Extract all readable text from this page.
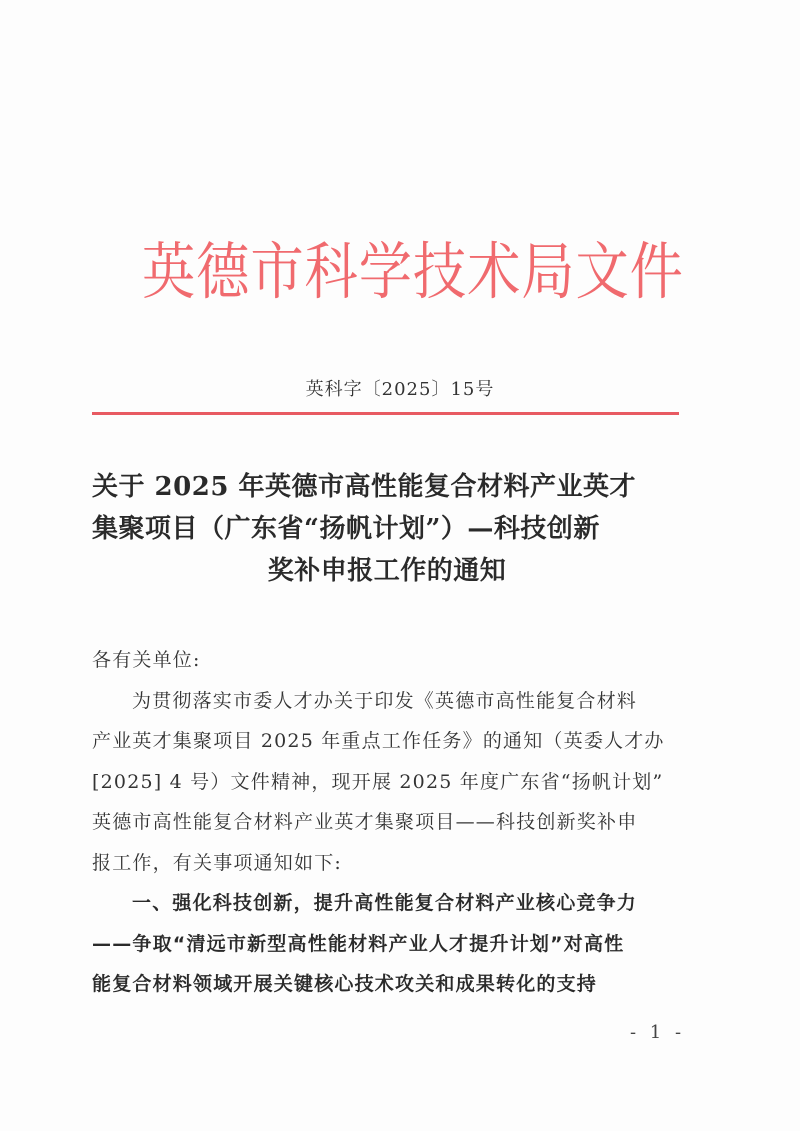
英德市科学技术局文件
英科字〔2025〕15号
关于 2025 年英德市高性能复合材料产业英才
集聚项目（广东省“扬帆计划”）—科技创新
奖补申报工作的通知
各有关单位:
为贯彻落实市委人才办关于印发《英德市高性能复合材料
产业英才集聚项目 2025 年重点工作任务》的通知（英委人才办
[2025] 4 号）文件精神，现开展 2025 年度广东省“扬帆计划”
英德市高性能复合材料产业英才集聚项目——科技创新奖补申
报工作，有关事项通知如下:
一、强化科技创新，提升高性能复合材料产业核心竞争力
——争取“清远市新型高性能材料产业人才提升计划”对高性
能复合材料领域开展关键核心技术攻关和成果转化的支持
- 1 -
